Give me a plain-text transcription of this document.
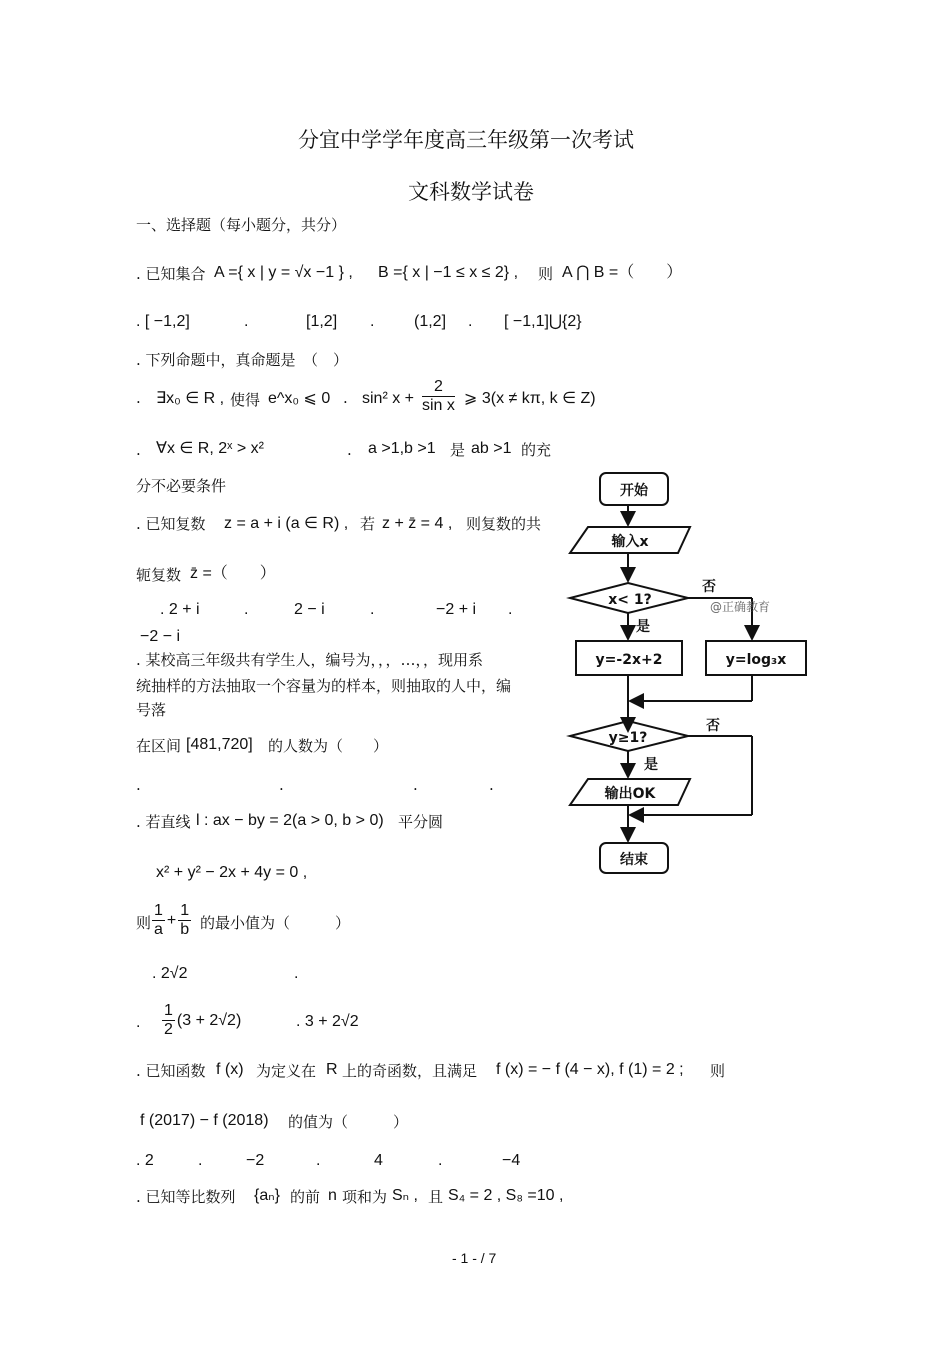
分宜中学学年度高三年级第一次考试
文科数学试卷
一、选择题（每小题分，共分）
. 已知集合 A ={ x | y = √x −1 } , B ={ x | −1 ≤ x ≤ 2} , 则 A ⋂ B =（　　）
. [ −1,2]	.	[1,2] . (1,2] . [ −1,1]⋃{2}
. 下列命题中，真命题是　（　）
. ∃x₀ ∈ R , 使得 e^x₀ ⩽ 0 . sin² $x + \frac{2}{\text{sin x}}$ ⩾ 3(x ≠ kπ, k ∈ Z)
. ∀x ∈ R, 2ˣ > x²	. a >1,b >1 是 ab >1 的充
分不必要条件
. 已知复数 z = a + i (a ∈ R) , 若 z + z̄ = 4 , 则复数的共
轭复数 z̄ =（　　）
. 2 + i	.	2 − i	.	−2 + i .
−2 − i
. 某校高三年级共有学生人，编号为，，，…，，现用系
统抽样的方法抽取一个容量为的样本，则抽取的人中，编
号落
在区间 [481,720] 的人数为（　　）
.	.	.	.
. 若直线 l : ax − by = 2(a > 0, b > 0) 平分圆
x² + y² − 2x + 4y = 0 ,
则 $\frac{1}{a} + \frac{1}{b}$ 的最小值为（　　　）
. 2√2	.
. $\frac{1}{2} (3 + 2√2)$	. 3 + 2√2
. 已知函数 f (x) 为定义在 R 上的奇函数，且满足 f (x) = − f (4 − x), f (1) = 2 ; 则
f (2017) − f (2018) 的值为（　　　）
. 2	.	−2	.	4	.	−4
. 已知等比数列 {aₙ} 的前 n 项和为 Sₙ , 且 S₄ = 2 , S₈ =10 ,
开始
输入x
x< 1?
否
是
@正确教育
y=-2x+2	y=log₃x
y≥1?
否
是
输出OK
结束
- 1 - / 7
